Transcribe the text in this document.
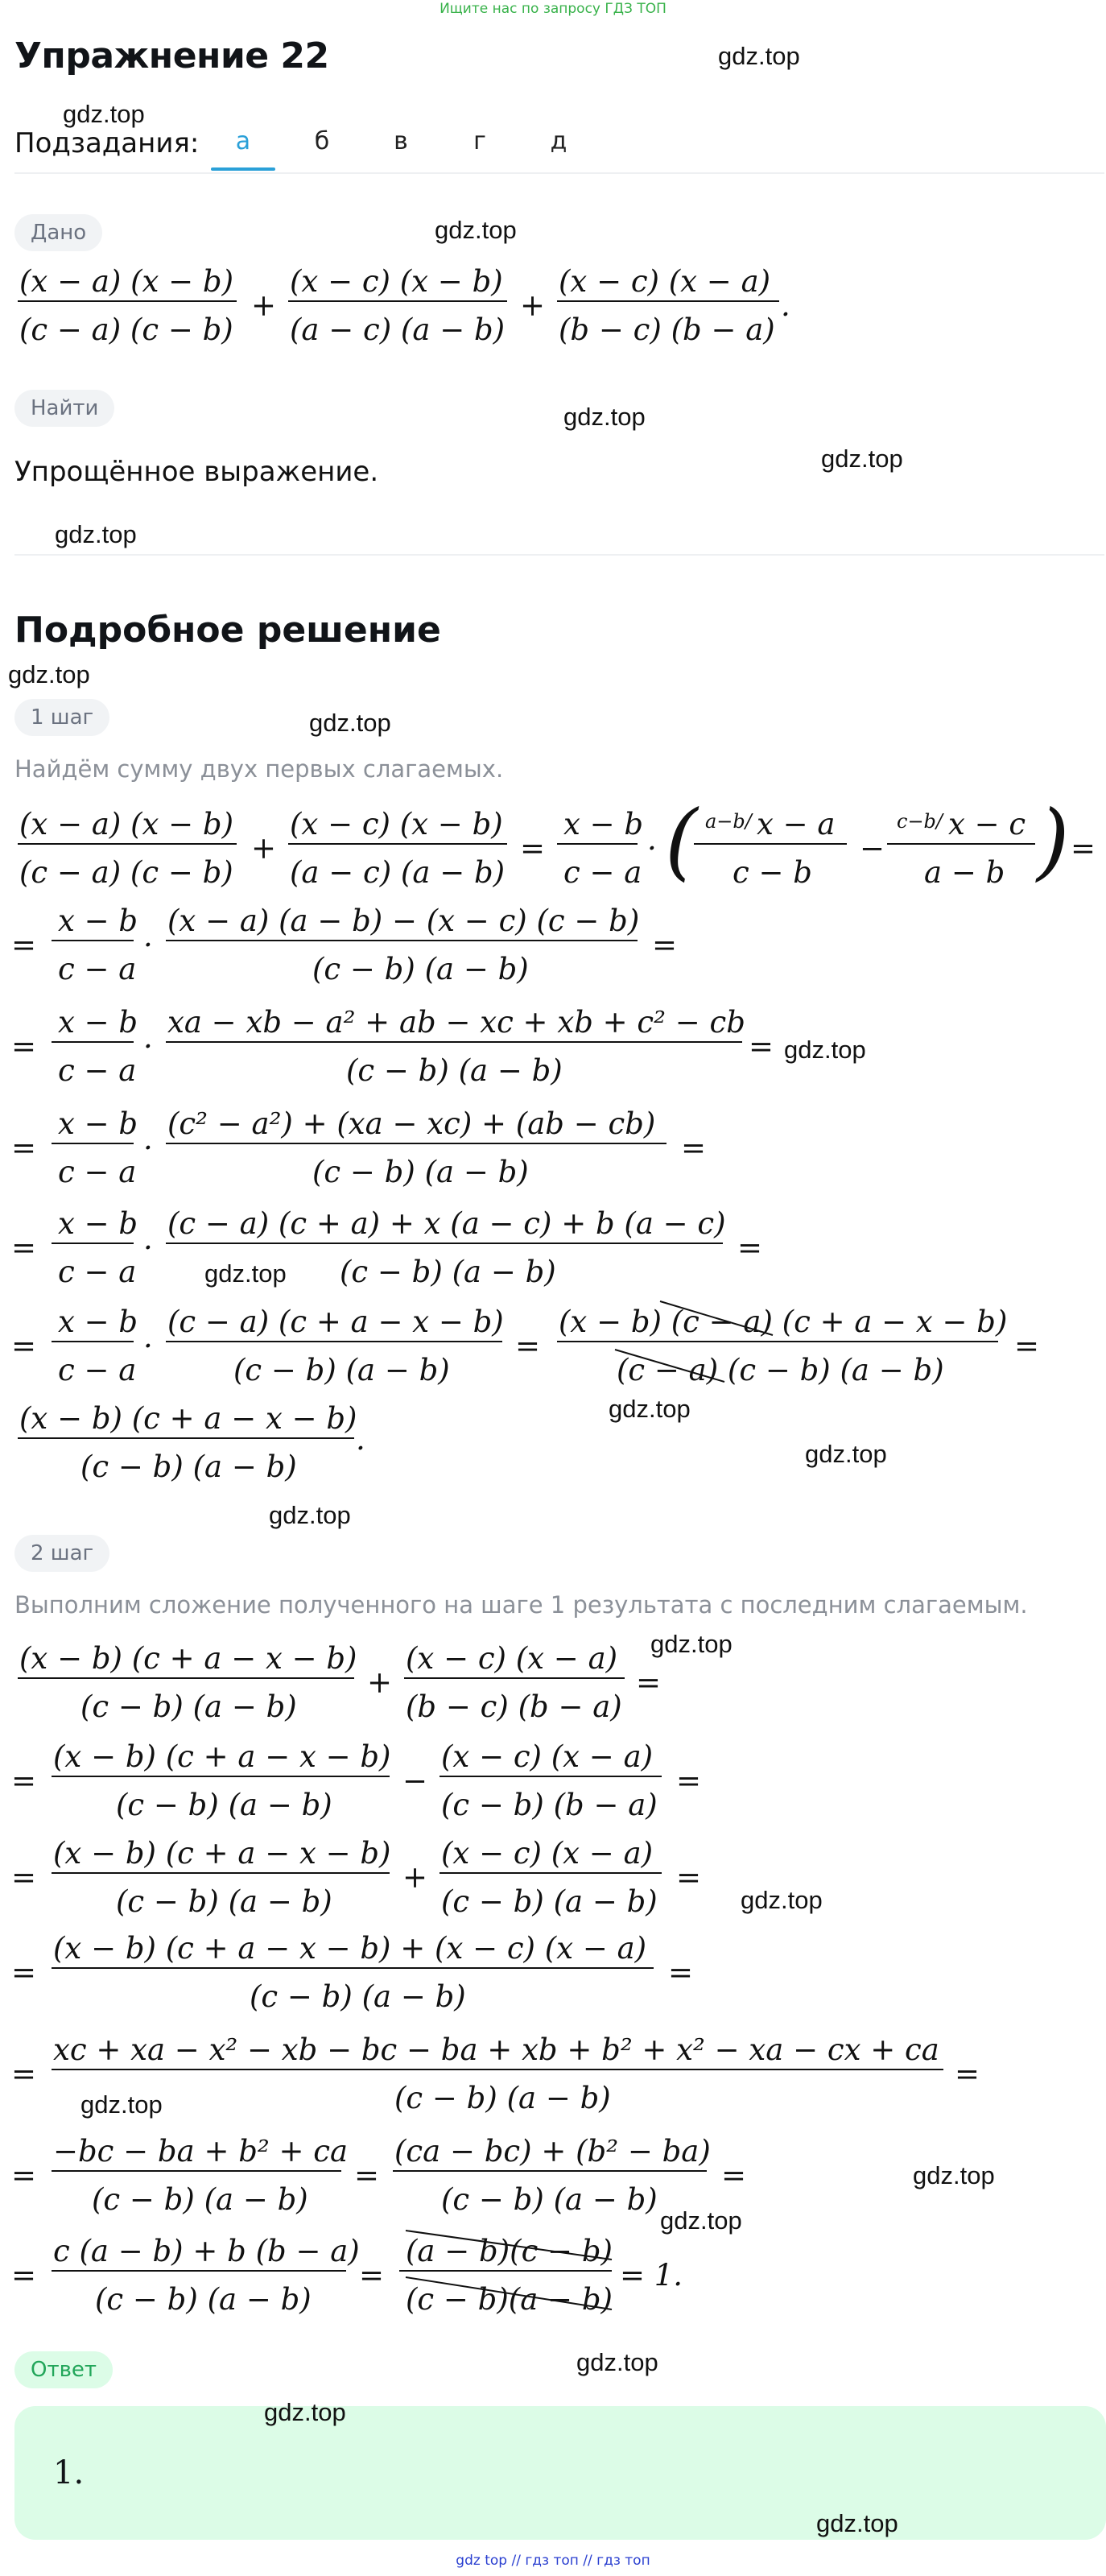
Ищите нас по запросу ГДЗ ТОП
Упражнение 22
Подзадания:	а	б	в	г	д
Дано
Найти
Упрощённое выражение.
Подробное решение
1 шаг
Найдём сумму двух первых слагаемых.
2 шаг
Выполним сложение полученного на шаге 1 результата с последним слагаемым.
Ответ
1.
(	)
(x − a) (x − b)
(c − a) (c − b)
+
(x − c) (x − b)
(a − c) (a − b)
+
(x − c) (x − a)
(b − c) (b − a)
.
(x − a) (x − b)
(c − a) (c − b)
+
(x − c) (x − b)
(a − c) (a − b)
=
x − b
c − a
·
a−b/ x − a
c − b
−
c−b/ x − c
a − b
=
=
x − b
c − a
·
(x − a) (a − b) − (x − c) (c − b)
(c − b) (a − b)
=
=
x − b
c − a
·
xa − xb − a² + ab − xc + xb + c² − cb
(c − b) (a − b)
=
=
x − b
c − a
·
(c² − a²) + (xa − xc) + (ab − cb)
(c − b) (a − b)
=
=
x − b
c − a
·
(c − a) (c + a) + x (a − c) + b (a − c)
(c − b) (a − b)
=
=
x − b
c − a
·
(c − a) (c + a − x − b)
(c − b) (a − b)
=
(x − b) (c − a) (c + a − x − b)
(c − a) (c − b) (a − b)
=
(x − b) (c + a − x − b)
(c − b) (a − b)
.
(x − b) (c + a − x − b)
(c − b) (a − b)
+
(x − c) (x − a)
(b − c) (b − a)
=
=
(x − b) (c + a − x − b)
(c − b) (a − b)
−
(x − c) (x − a)
(c − b) (b − a)
=
=
(x − b) (c + a − x − b)
(c − b) (a − b)
+
(x − c) (x − a)
(c − b) (a − b)
=
=
(x − b) (c + a − x − b) + (x − c) (x − a)
(c − b) (a − b)
=
=
xc + xa − x² − xb − bc − ba + xb + b² + x² − xa − cx + ca
(c − b) (a − b)
=
=
−bc − ba + b² + ca
(c − b) (a − b)
=
(ca − bc) + (b² − ba)
(c − b) (a − b)
=
=
c (a − b) + b (b − a)
(c − b) (a − b)
=
(a − b)(c − b)
(c − b)(a − b)
= 1.
gdz.top
gdz.top
gdz.top
gdz.top
gdz.top
gdz.top
gdz.top
gdz.top
gdz.top
gdz.top
gdz.top
gdz.top
gdz.top
gdz.top
gdz.top
gdz.top
gdz.top
gdz.top
gdz.top
gdz.top
gdz.top
gdz top // гдз топ // гдз топ
